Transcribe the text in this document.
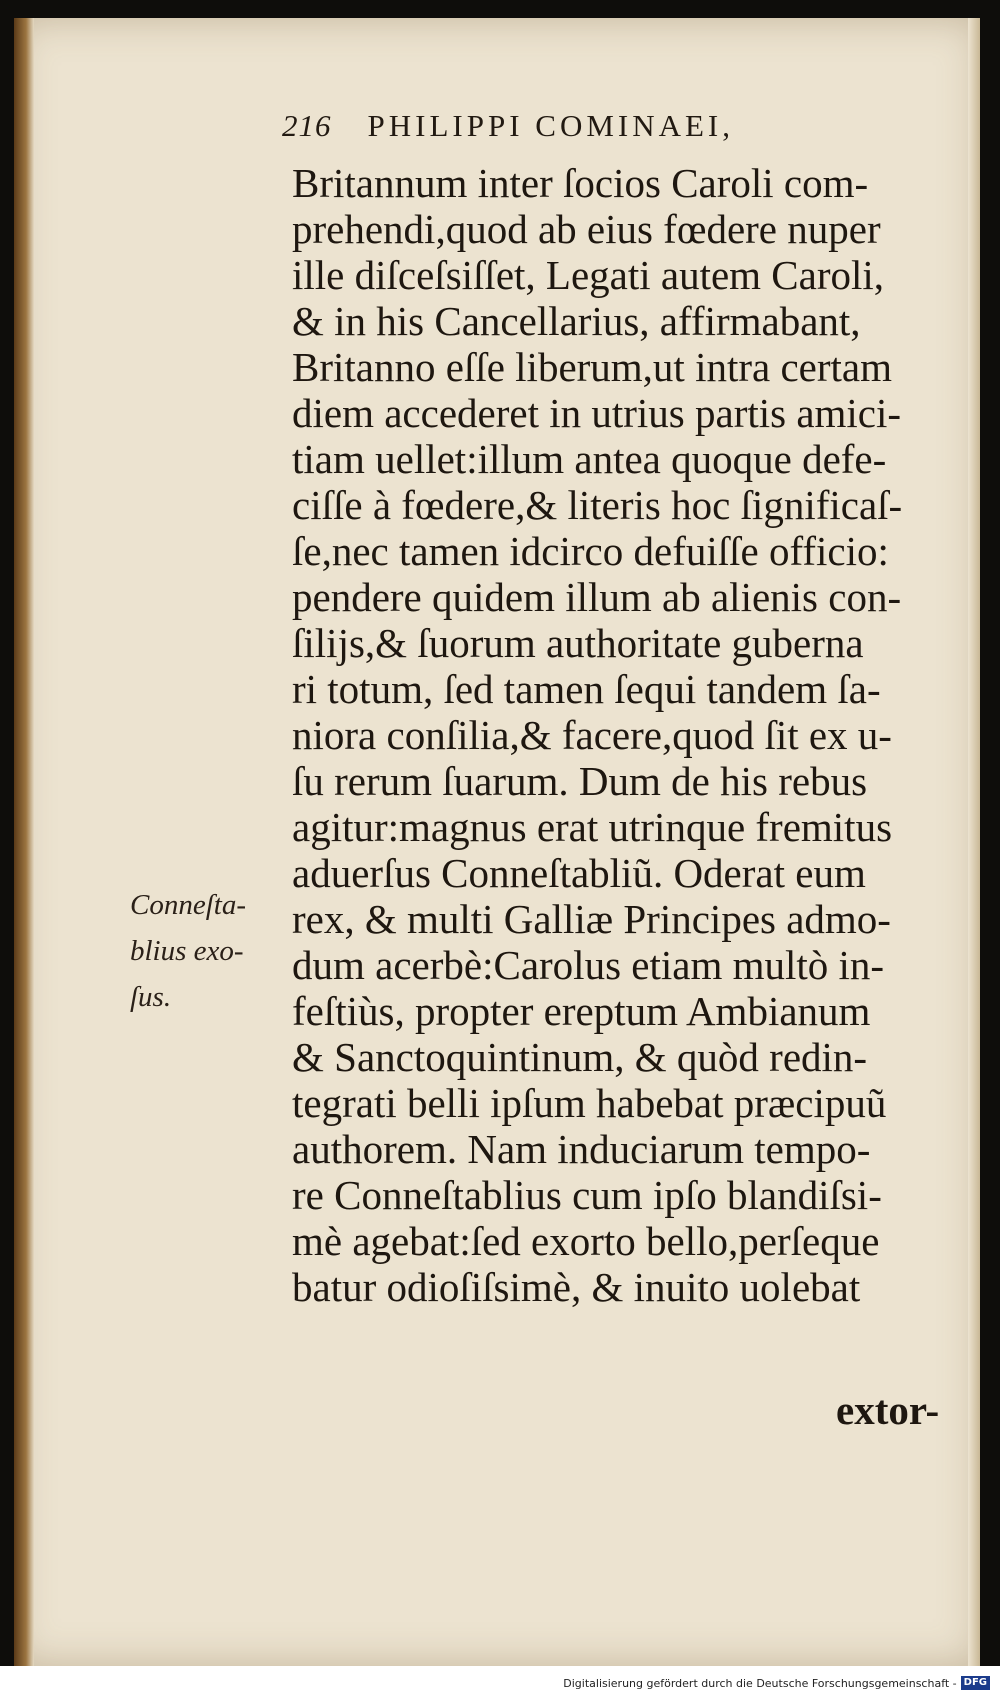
216 PHILIPPI COMINAEI,
Conneſta-
blius exo-
ſus.
Britannum inter ſocios Caroli com-
prehendi,quod ab eius fœdere nuper
ille diſceſsiſſet, Legati autem Caroli,
& in his Cancellarius, affirmabant,
Britanno eſſe liberum,ut intra certam
diem accederet in utrius partis amici-
tiam uellet:illum antea quoque defe-
ciſſe à fœdere,& literis hoc ſignificaſ-
ſe,nec tamen idcirco defuiſſe officio:
pendere quidem illum ab alienis con-
ſilijs,& ſuorum authoritate guberna
ri totum, ſed tamen ſequi tandem ſa-
niora conſilia,& facere,quod ſit ex u-
ſu rerum ſuarum. Dum de his rebus
agitur:magnus erat utrinque fremitus
aduerſus Conneſtabliũ. Oderat eum
rex, & multi Galliæ Principes admo-
dum acerbè:Carolus etiam multò in-
feſtiùs, propter ereptum Ambianum
& Sanctoquintinum, & quòd redin-
tegrati belli ipſum habebat præcipuũ
authorem. Nam induciarum tempo-
re Conneſtablius cum ipſo blandiſsi-
mè agebat:ſed exorto bello,perſeque
batur odioſiſsimè, & inuito uolebat
extor-
Digitalisierung gefördert durch die Deutsche Forschungsgemeinschaft - DFG
